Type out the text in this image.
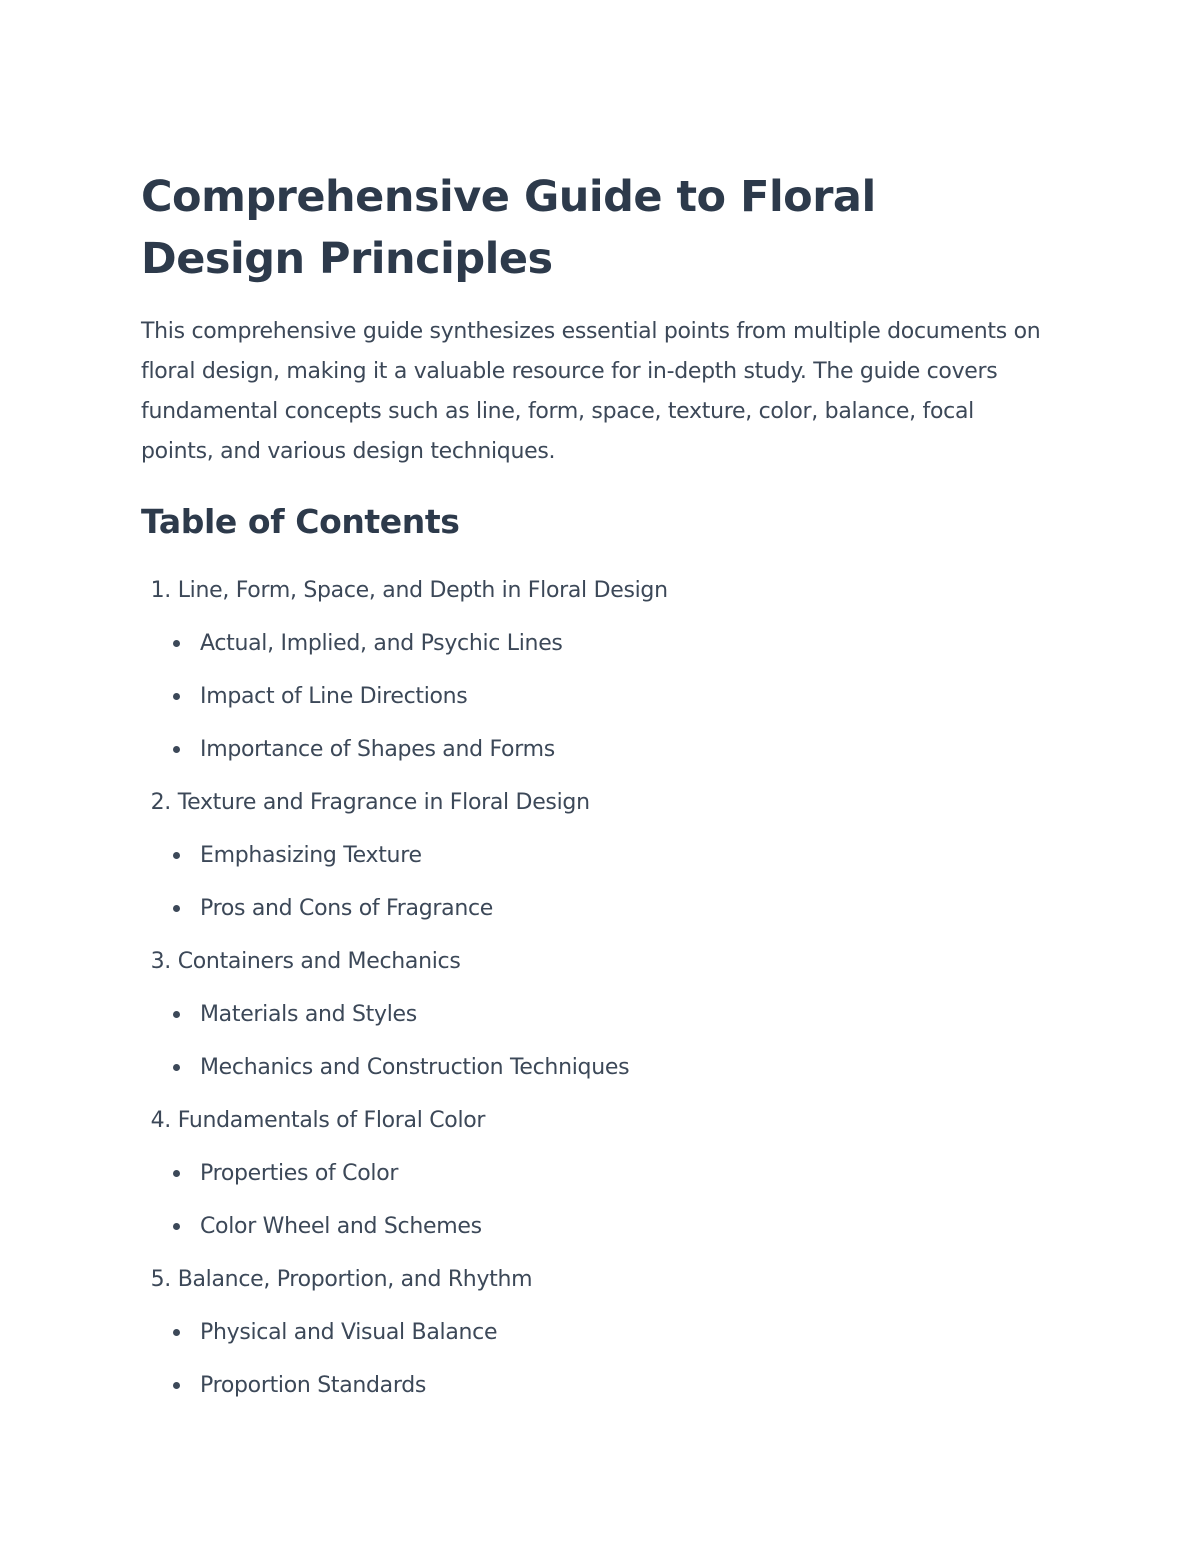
Comprehensive Guide to Floral Design Principles

This comprehensive guide synthesizes essential points from multiple documents on floral design, making it a valuable resource for in-depth study. The guide covers fundamental concepts such as line, form, space, texture, color, balance, focal points, and various design techniques.

Table of Contents
1. Line, Form, Space, and Depth in Floral Design
Actual, Implied, and Psychic Lines
Impact of Line Directions
Importance of Shapes and Forms
2. Texture and Fragrance in Floral Design
Emphasizing Texture
Pros and Cons of Fragrance
3. Containers and Mechanics
Materials and Styles
Mechanics and Construction Techniques
4. Fundamentals of Floral Color
Properties of Color
Color Wheel and Schemes
5. Balance, Proportion, and Rhythm
Physical and Visual Balance
Proportion Standards
